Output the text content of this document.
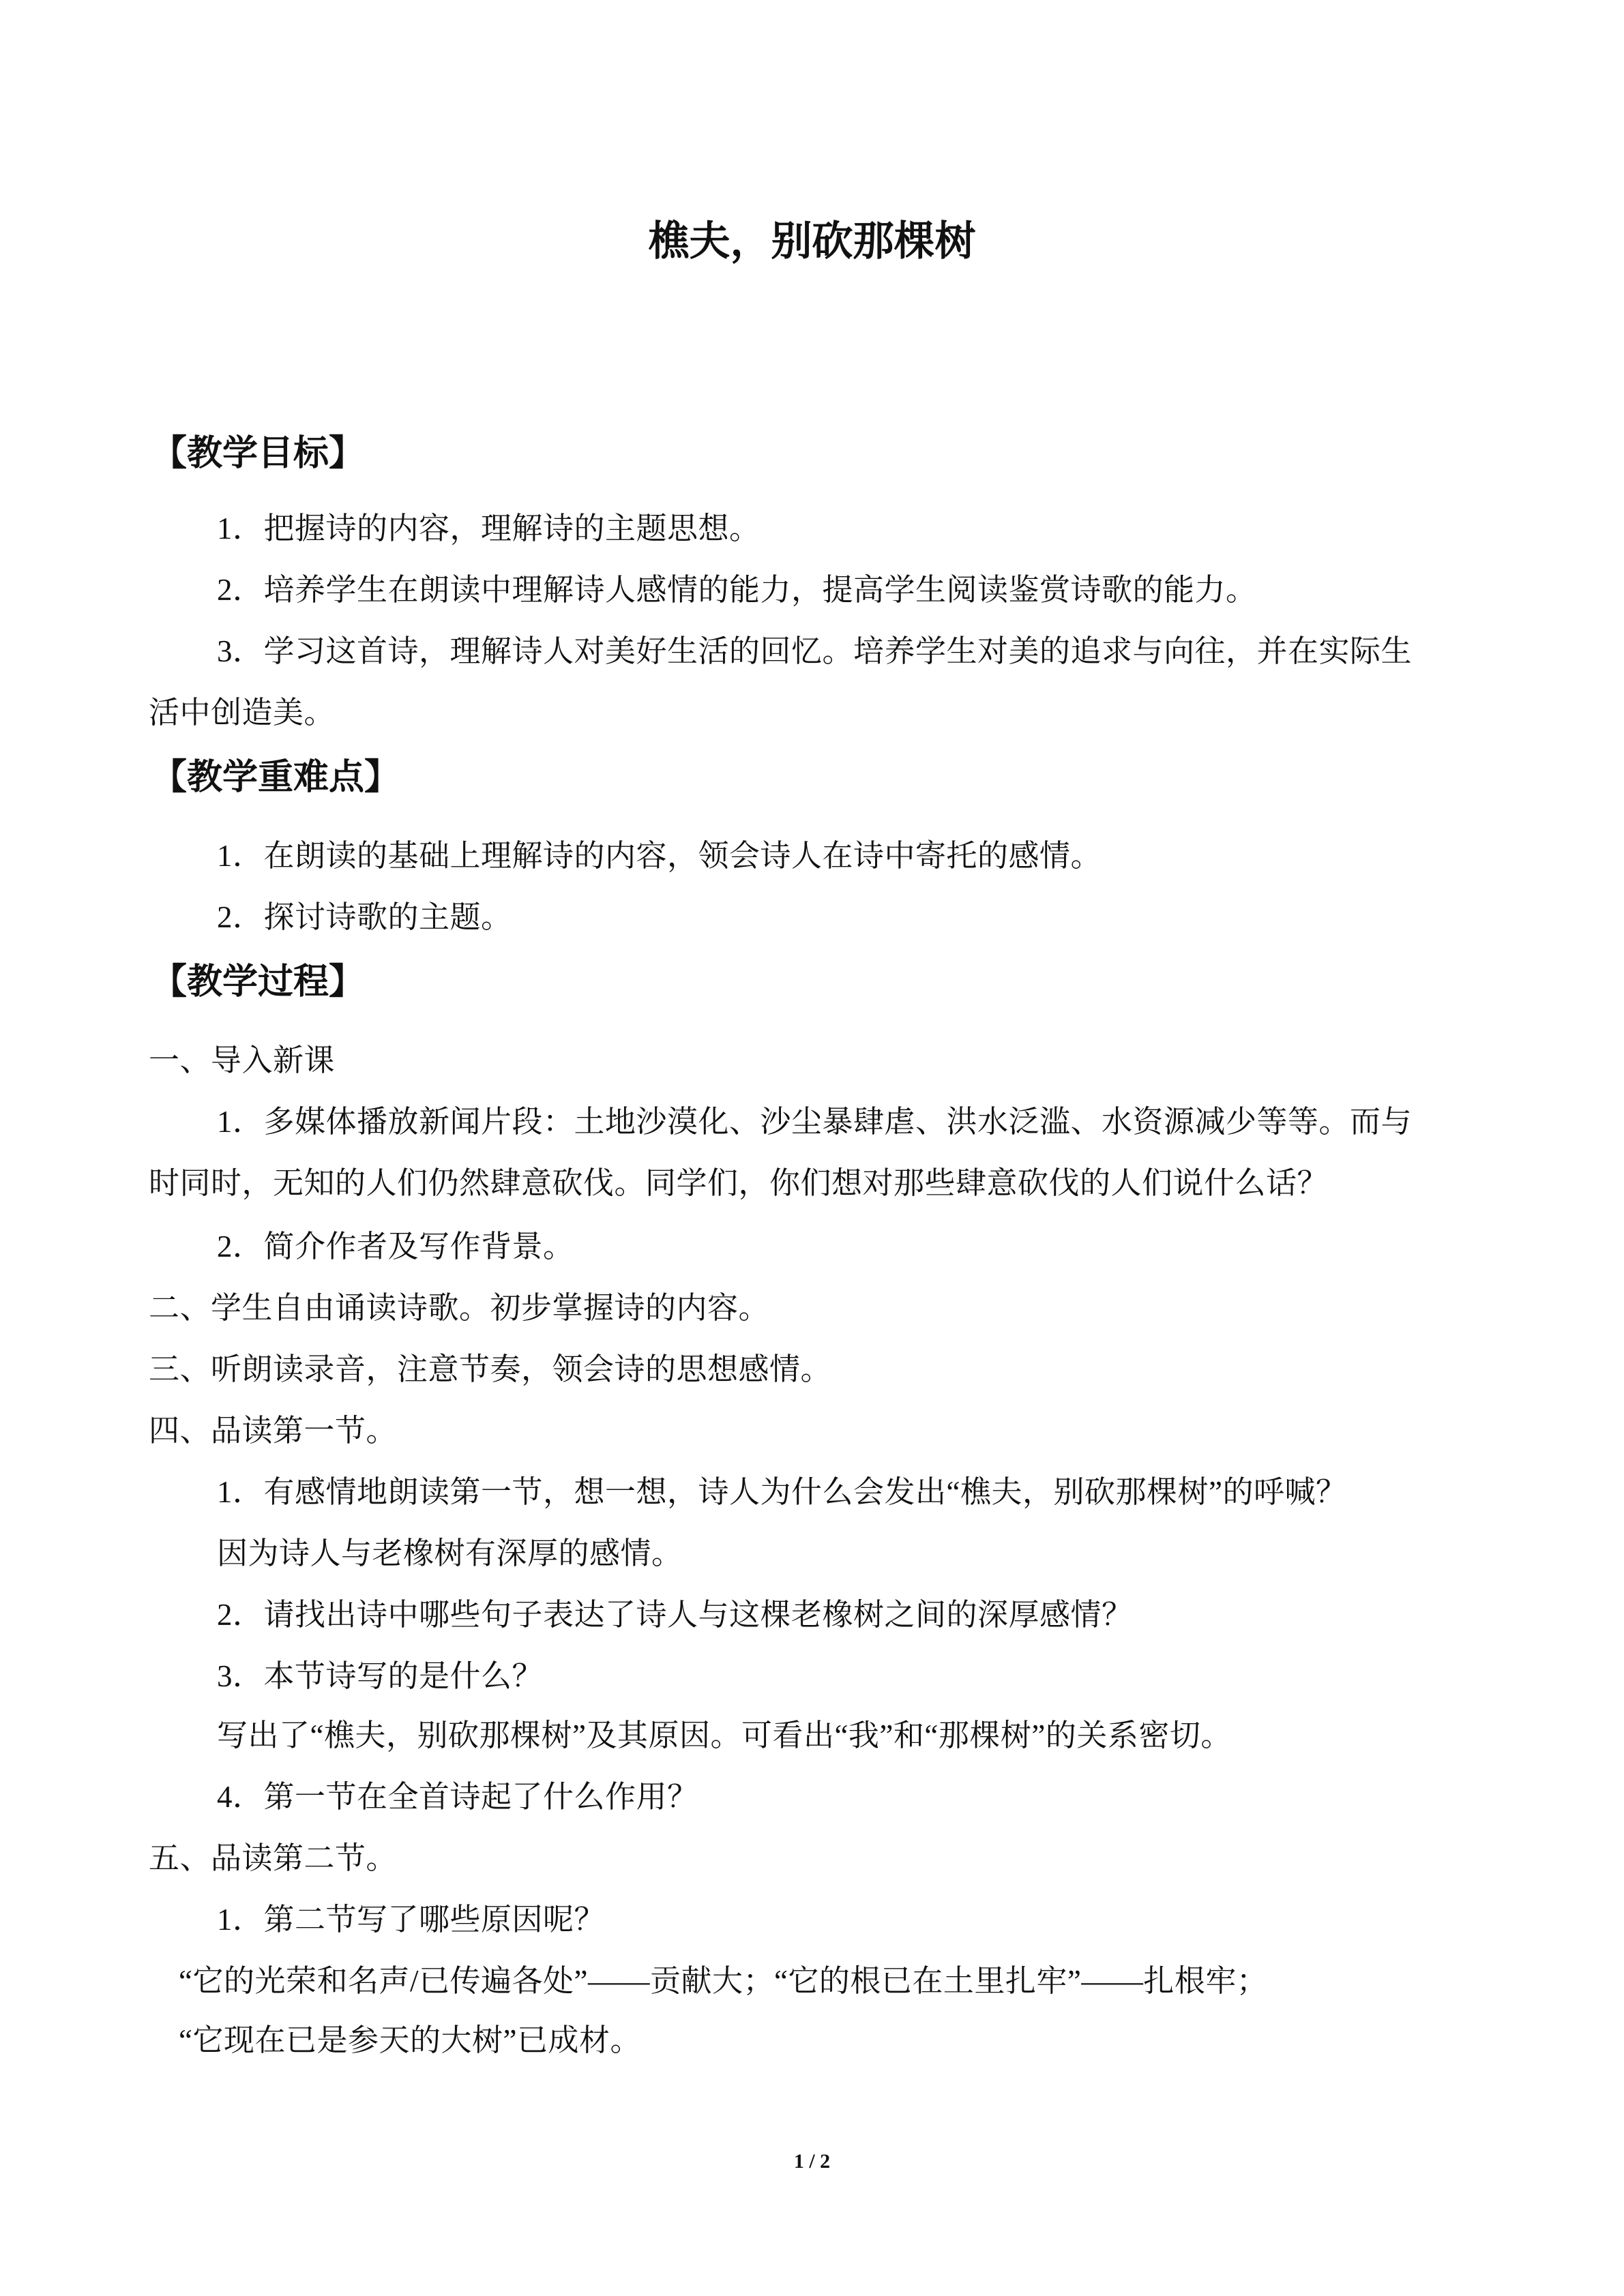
樵夫，别砍那棵树
【教学目标】
1．把握诗的内容，理解诗的主题思想。
2．培养学生在朗读中理解诗人感情的能力，提高学生阅读鉴赏诗歌的能力。
3．学习这首诗，理解诗人对美好生活的回忆。培养学生对美的追求与向往，并在实际生
活中创造美。
【教学重难点】
1．在朗读的基础上理解诗的内容，领会诗人在诗中寄托的感情。
2．探讨诗歌的主题。
【教学过程】
一、导入新课
1．多媒体播放新闻片段：土地沙漠化、沙尘暴肆虐、洪水泛滥、水资源减少等等。而与
时同时，无知的人们仍然肆意砍伐。同学们，你们想对那些肆意砍伐的人们说什么话？
2．简介作者及写作背景。
二、学生自由诵读诗歌。初步掌握诗的内容。
三、听朗读录音，注意节奏，领会诗的思想感情。
四、品读第一节。
1．有感情地朗读第一节，想一想，诗人为什么会发出“樵夫，别砍那棵树”的呼喊？
因为诗人与老橡树有深厚的感情。
2．请找出诗中哪些句子表达了诗人与这棵老橡树之间的深厚感情？
3．本节诗写的是什么？
写出了“樵夫，别砍那棵树”及其原因。可看出“我”和“那棵树”的关系密切。
4．第一节在全首诗起了什么作用？
五、品读第二节。
1．第二节写了哪些原因呢？
“它的光荣和名声/已传遍各处”——贡献大；“它的根已在土里扎牢”——扎根牢；
“它现在已是参天的大树”已成材。
1 / 2
